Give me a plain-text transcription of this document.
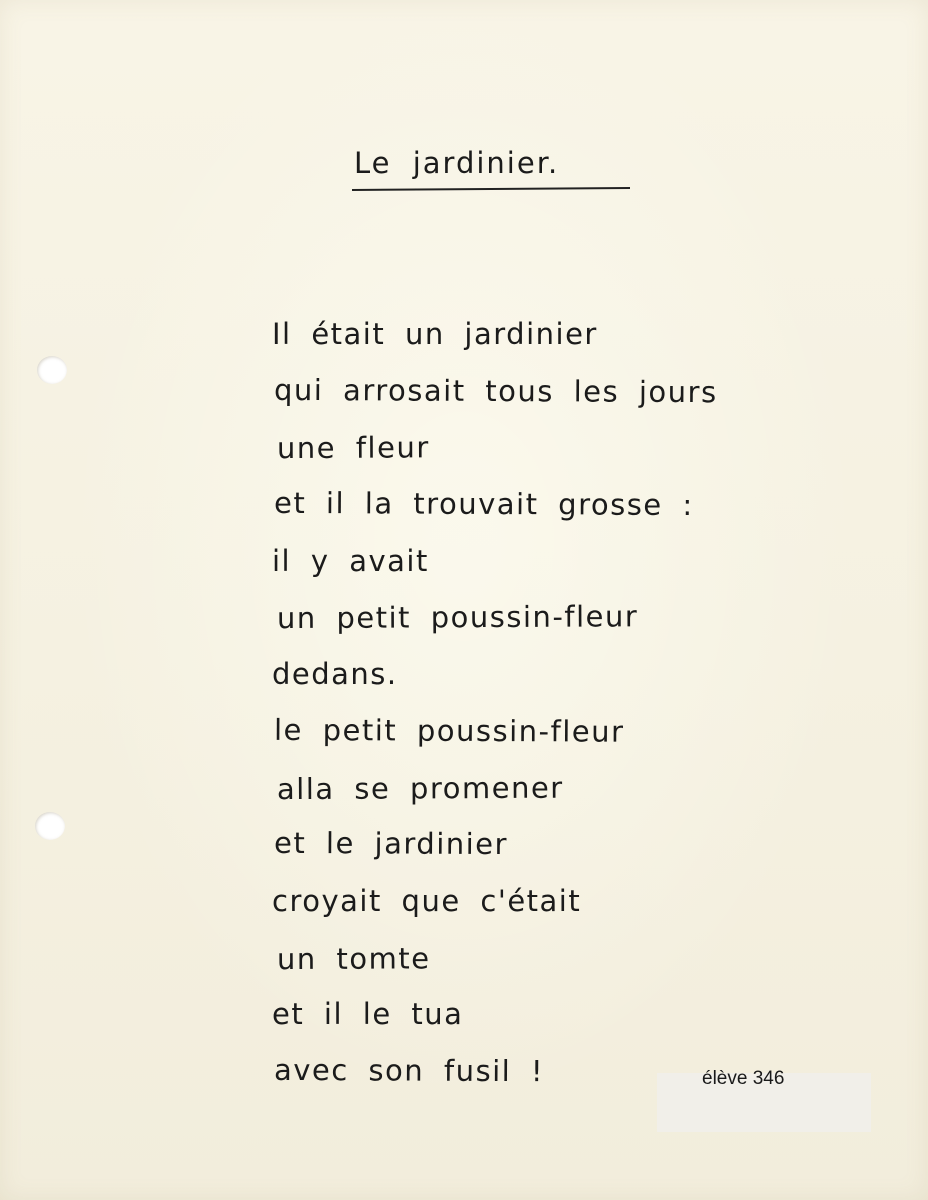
Le jardinier.
Il était un jardinier
qui arrosait tous les jours
une fleur
et il la trouvait grosse :
il y avait
un petit poussin-fleur
dedans.
le petit poussin-fleur
alla se promener
et le jardinier
croyait que c'était
un tomte
et il le tua
avec son fusil !	élève 346
